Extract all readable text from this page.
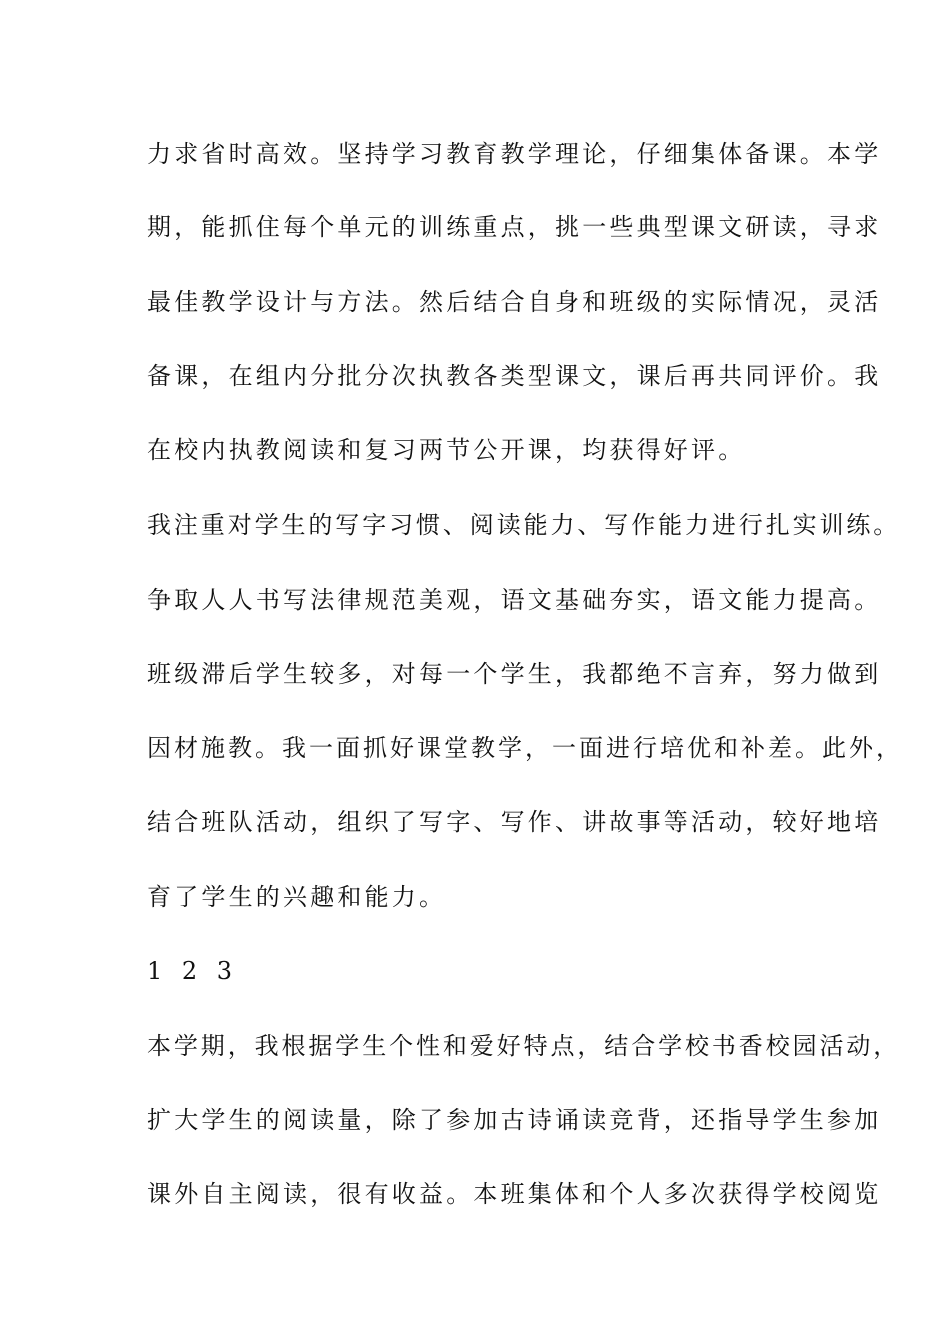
力求省时高效。坚持学习教育教学理论，仔细集体备课。本学
期，能抓住每个单元的训练重点，挑一些典型课文研读，寻求
最佳教学设计与方法。然后结合自身和班级的实际情况，灵活
备课，在组内分批分次执教各类型课文，课后再共同评价。我
在校内执教阅读和复习两节公开课，均获得好评。
我注重对学生的写字习惯、阅读能力、写作能力进行扎实训练。
争取人人书写法律规范美观，语文基础夯实，语文能力提高。
班级滞后学生较多，对每一个学生，我都绝不言弃，努力做到
因材施教。我一面抓好课堂教学，一面进行培优和补差。此外，
结合班队活动，组织了写字、写作、讲故事等活动，较好地培
育了学生的兴趣和能力。
1 2 3
本学期，我根据学生个性和爱好特点，结合学校书香校园活动，
扩大学生的阅读量，除了参加古诗诵读竞背，还指导学生参加
课外自主阅读，很有收益。本班集体和个人多次获得学校阅览
